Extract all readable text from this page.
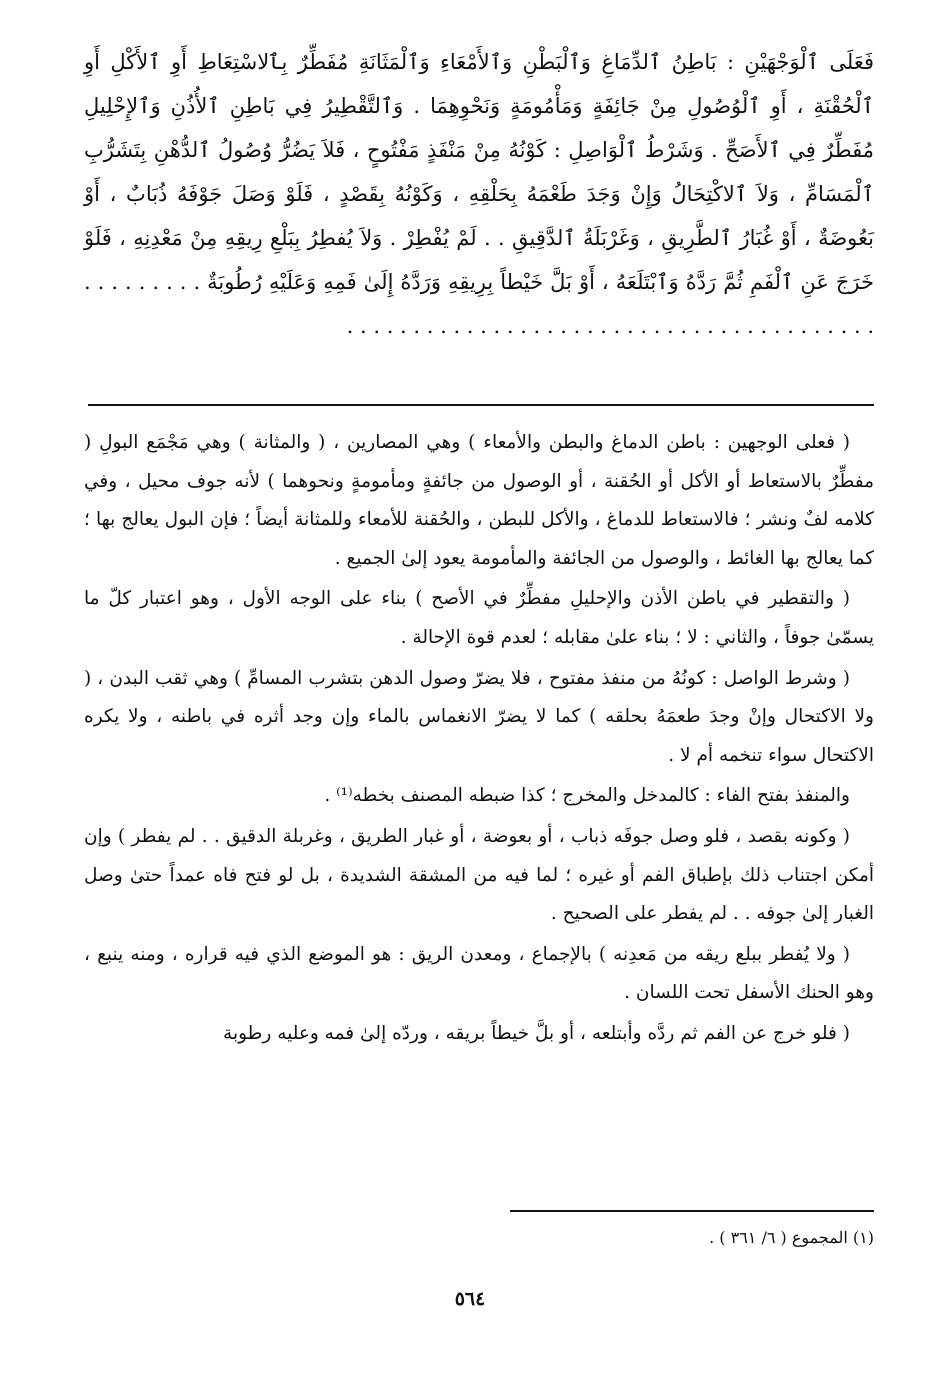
فَعَلَى ٱلْوَجْهَيْنِ : بَاطِنُ ٱلدِّمَاغِ وَٱلْبَطْنِ وَٱلأَمْعَاءِ وَٱلْمَثَانَةِ مُفَطِّرٌ بِٱلاسْتِعَاطِ أَوِ ٱلأَكْلِ أَوِ ٱلْحُقْنَةِ ، أَوِ ٱلْوُصُولِ مِنْ جَائِفَةٍ وَمَأْمُومَةٍ وَنَحْوِهِمَا . وَٱلتَّقْطِيرُ فِي بَاطِنِ ٱلأُذُنِ وَٱلإِحْلِيلِ مُفَطِّرٌ فِي ٱلأَصَحِّ . وَشَرْطُ ٱلْوَاصِلِ : كَوْنُهُ مِنْ مَنْفَذٍ مَفْتُوحٍ ، فَلاَ يَضُرُّ وُصُولُ ٱلدُّهْنِ بِتَشَرُّبِ ٱلْمَسَامِّ ، وَلاَ ٱلاكْتِحَالُ وَإِنْ وَجَدَ طَعْمَهُ بِحَلْقِهِ ، وَكَوْنُهُ بِقَصْدٍ ، فَلَوْ وَصَلَ جَوْفَهُ ذُبَابٌ ، أَوْ بَعُوضَةٌ ، أَوْ غُبَارُ ٱلطَّرِيقِ ، وَغَرْبَلَةُ ٱلدَّقِيقِ . . لَمْ يُفْطِرْ . وَلاَ يُفطِرُ بِبَلْعِ رِيقِهِ مِنْ مَعْدِنِهِ ، فَلَوْ خَرَجَ عَنِ ٱلْفَمِ ثُمَّ رَدَّهُ وَٱبْتَلَعَهُ ، أَوْ بَلَّ خَيْطاً بِرِيقِهِ وَرَدَّهُ إِلَىٰ فَمِهِ وَعَلَيْهِ رُطُوبَةٌ . . . . . . . . . . . . . . . . . . . . . . . . . . . . . . . . . . . . . . . . . . . . . . . . .

( فعلى الوجهين : باطن الدماغ والبطن والأمعاء ) وهي المصارين ، ( والمثانة ) وهي مَجْمَع البولِ ( مفطِّرٌ بالاستعاط أو الأكل أو الحُقنة ، أو الوصول من جائفةٍ ومأمومةٍ ونحوهما ) لأنه جوف محيل ، وفي كلامه لفٌ ونشر ؛ فالاستعاط للدماغ ، والأكل للبطن ، والحُقنة للأمعاء وللمثانة أيضاً ؛ فإن البول يعالج بها ؛ كما يعالج بها الغائط ، والوصول من الجائفة والمأمومة يعود إلىٰ الجميع .

( والتقطير في باطن الأذن والإحليلِ مفطِّرٌ في الأصح ) بناء على الوجه الأول ، وهو اعتبار كلّ ما يسمّىٰ جوفاً ، والثاني : لا ؛ بناء علىٰ مقابله ؛ لعدم قوة الإحالة .

( وشرط الواصل : كونُهُ من منفذ مفتوح ، فلا يضرّ وصول الدهن بتشرب المسامِّ ) وهي ثقب البدن ، ( ولا الاكتحال وإنْ وجدَ طعمَهُ بحلقه ) كما لا يضرّ الانغماس بالماء وإن وجد أثره في باطنه ، ولا يكره الاكتحال سواء تنخمه أم لا .

والمنفذ بفتح الفاء : كالمدخل والمخرج ؛ كذا ضبطه المصنف بخطه⁽¹⁾ .

( وكونه بقصد ، فلو وصل جوفَه ذباب ، أو بعوضة ، أو غبار الطريق ، وغربلة الدقيق . . لم يفطر ) وإن أمكن اجتناب ذلك بإطباق الفم أو غيره ؛ لما فيه من المشقة الشديدة ، بل لو فتح فاه عمداً حتىٰ وصل الغبار إلىٰ جوفه . . لم يفطر على الصحيح .

( ولا يُفطر ببلع ريقه من مَعدِنه ) بالإجماع ، ومعدن الريق : هو الموضع الذي فيه قراره ، ومنه ينبع ، وهو الحنك الأسفل تحت اللسان .

( فلو خرج عن الفم ثم ردَّه وأبتلعه ، أو بلَّ خيطاً بريقه ، وردّه إلىٰ فمه وعليه رطوبة

(١) المجموع ( ٦/ ٣٦١ ) .
٥٦٤
